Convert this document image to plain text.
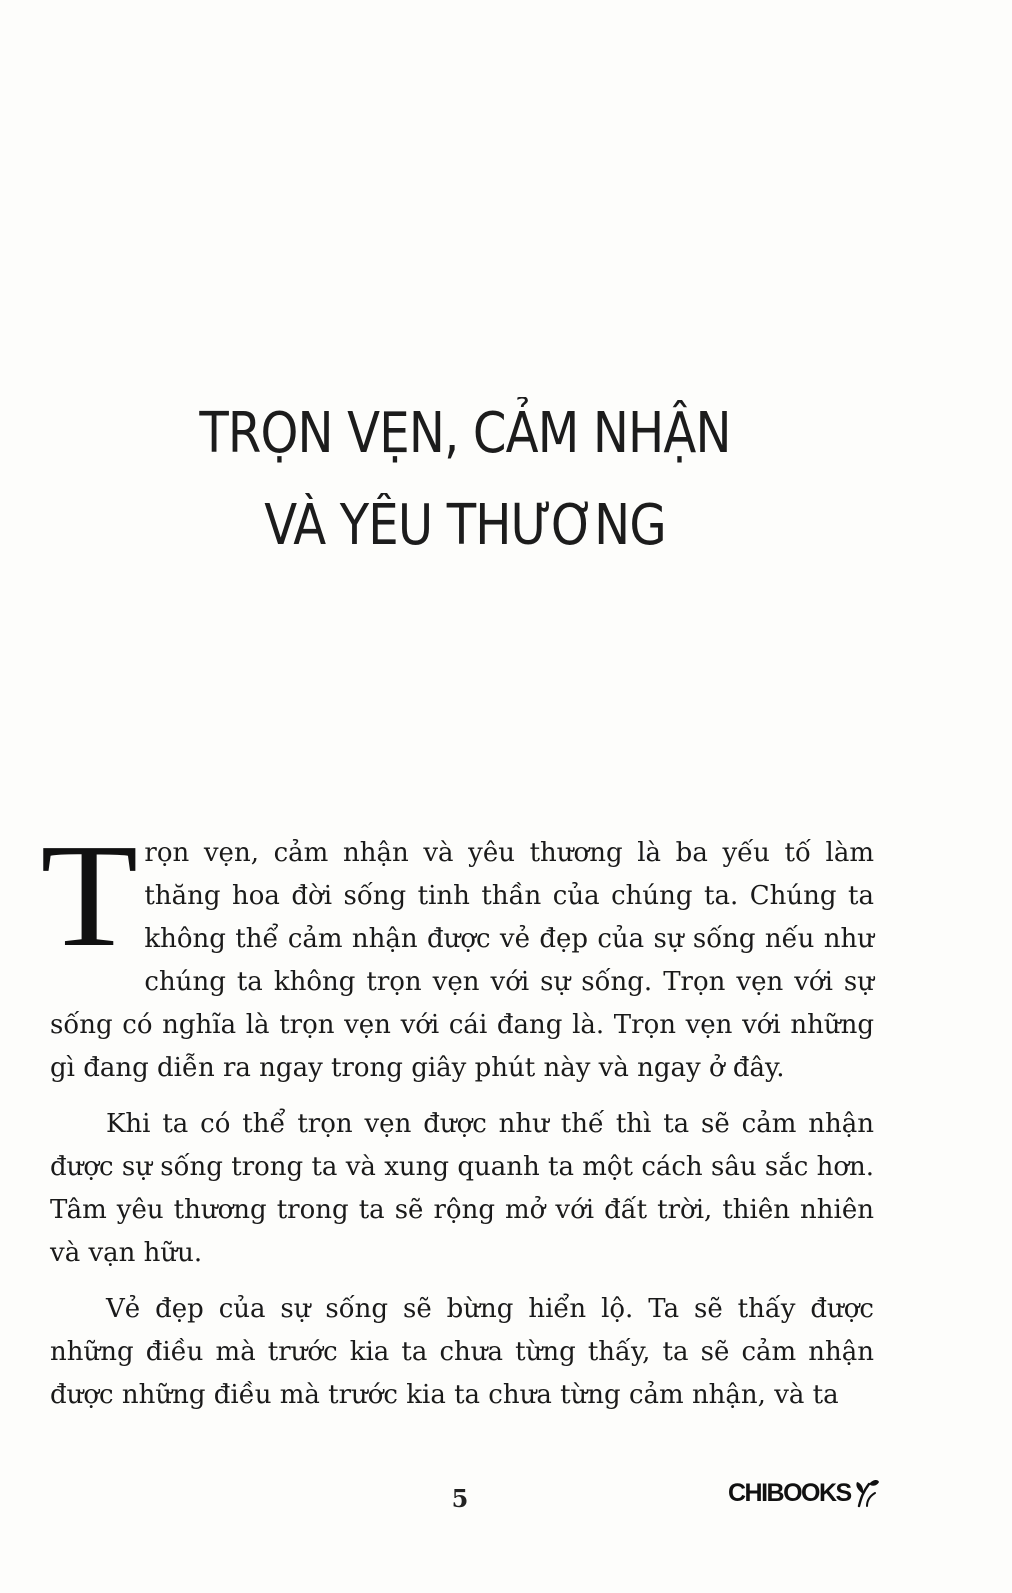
TRỌN VẸN, CẢM NHẬN
VÀ YÊU THƯƠNG

Trọn vẹn, cảm nhận và yêu thương là ba yếu tố làm thăng hoa đời sống tinh thần của chúng ta. Chúng ta không thể cảm nhận được vẻ đẹp của sự sống nếu như chúng ta không trọn vẹn với sự sống. Trọn vẹn với sự sống có nghĩa là trọn vẹn với cái đang là. Trọn vẹn với những gì đang diễn ra ngay trong giây phút này và ngay ở đây.

Khi ta có thể trọn vẹn được như thế thì ta sẽ cảm nhận được sự sống trong ta và xung quanh ta một cách sâu sắc hơn. Tâm yêu thương trong ta sẽ rộng mở với đất trời, thiên nhiên và vạn hữu.

Vẻ đẹp của sự sống sẽ bừng hiển lộ. Ta sẽ thấy được những điều mà trước kia ta chưa từng thấy, ta sẽ cảm nhận được những điều mà trước kia ta chưa từng cảm nhận, và ta

5	CHIBOOKS
